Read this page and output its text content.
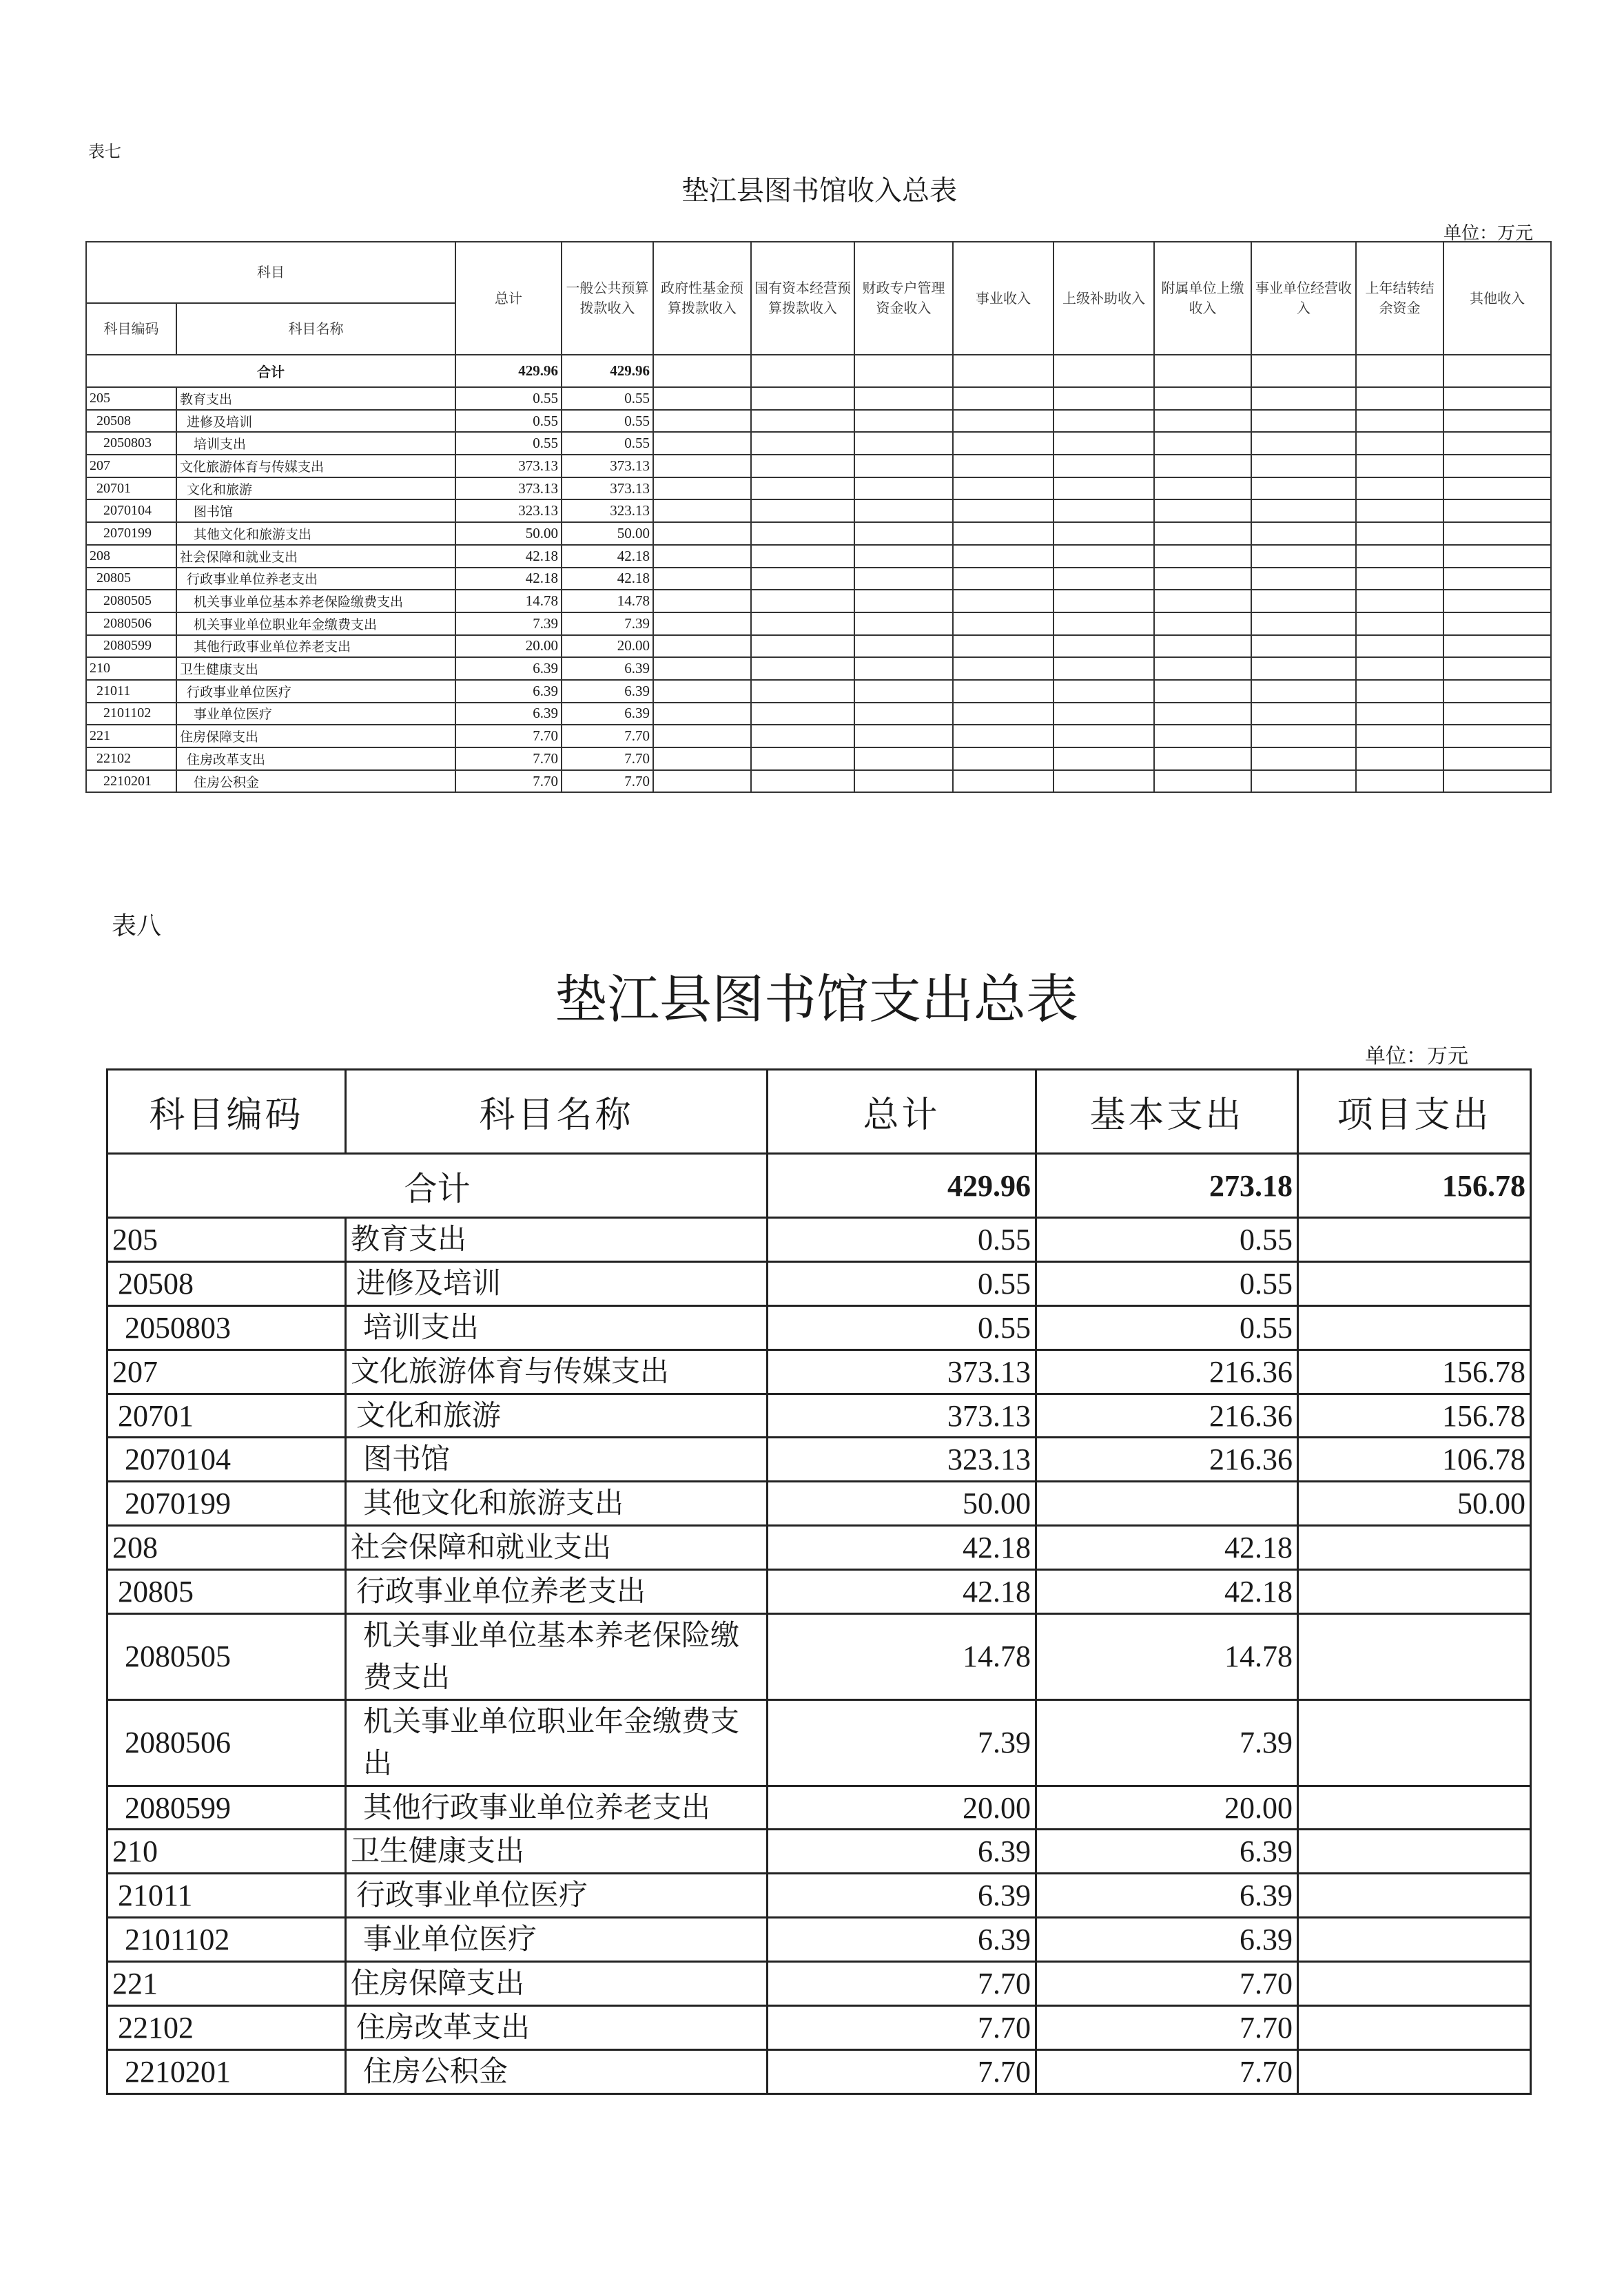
表七
垫江县图书馆收入总表
单位：万元
科目		总计	一般公共预算拨款收入	政府性基金预算拨款收入	国有资本经营预算拨款收入	财政专户管理资金收入	事业收入	上级补助收入	附属单位上缴收入	事业单位经营收入	上年结转结余资金	其他收入
科目编码	科目名称											
合计		429.96	429.96									
205	教育支出	0.55	0.55									
20508	进修及培训	0.55	0.55									
2050803	培训支出	0.55	0.55									
207	文化旅游体育与传媒支出	373.13	373.13									
20701	文化和旅游	373.13	373.13									
2070104	图书馆	323.13	323.13									
2070199	其他文化和旅游支出	50.00	50.00									
208	社会保障和就业支出	42.18	42.18									
20805	行政事业单位养老支出	42.18	42.18									
2080505	机关事业单位基本养老保险缴费支出	14.78	14.78									
2080506	机关事业单位职业年金缴费支出	7.39	7.39									
2080599	其他行政事业单位养老支出	20.00	20.00									
210	卫生健康支出	6.39	6.39									
21011	行政事业单位医疗	6.39	6.39									
2101102	事业单位医疗	6.39	6.39									
221	住房保障支出	7.70	7.70									
22102	住房改革支出	7.70	7.70									
2210201	住房公积金	7.70	7.70									
表八
垫江县图书馆支出总表
单位：万元
科目编码	科目名称	总计	基本支出	项目支出
合计		429.96	273.18	156.78
205	教育支出	0.55	0.55	
20508	进修及培训	0.55	0.55	
2050803	培训支出	0.55	0.55	
207	文化旅游体育与传媒支出	373.13	216.36	156.78
20701	文化和旅游	373.13	216.36	156.78
2070104	图书馆	323.13	216.36	106.78
2070199	其他文化和旅游支出	50.00		50.00
208	社会保障和就业支出	42.18	42.18	
20805	行政事业单位养老支出	42.18	42.18	
2080505	机关事业单位基本养老保险缴费支出	14.78	14.78	
2080506	机关事业单位职业年金缴费支出	7.39	7.39	
2080599	其他行政事业单位养老支出	20.00	20.00	
210	卫生健康支出	6.39	6.39	
21011	行政事业单位医疗	6.39	6.39	
2101102	事业单位医疗	6.39	6.39	
221	住房保障支出	7.70	7.70	
22102	住房改革支出	7.70	7.70	
2210201	住房公积金	7.70	7.70	
